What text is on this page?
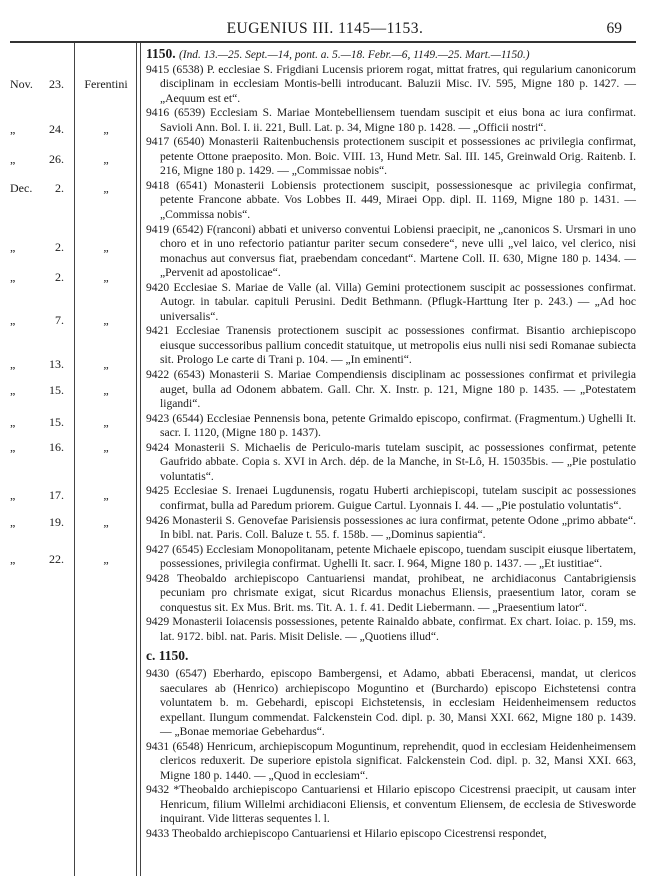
EUGENIUS III. 1145—1153.	69
Nov. 23.	Ferentini
„	24.	„
„	26.	„
Dec. 2.	„
„	2.	„
„	2.	„
„	7.	„
„	13.	„
„	15.	„
„	15.	„
„	16.	„
„	17.	„
„	19.	„
„	22.	„

1150. (Ind. 13.—25. Sept.—14, pont. a. 5.—18. Febr.—6, 1149.—25. Mart.—1150.)

9415 (6538) P. ecclesiae S. Frigdiani Lucensis priorem rogat, mittat fratres, qui regularium canonicorum disciplinam in ecclesiam Montis-belli introducant. Baluzii Misc. IV. 595, Migne 180 p. 1427. — „Aequum est et“.

9416 (6539) Ecclesiam S. Mariae Montebelliensem tuendam suscipit et eius bona ac iura confirmat. Savioli Ann. Bol. I. ii. 221, Bull. Lat. p. 34, Migne 180 p. 1428. — „Officii nostri“.

9417 (6540) Monasterii Raitenbuchensis protectionem suscipit et possessiones ac privilegia confirmat, petente Ottone praeposito. Mon. Boic. VIII. 13, Hund Metr. Sal. III. 145, Greinwald Orig. Raitenb. I. 216, Migne 180 p. 1429. — „Commissae nobis“.

9418 (6541) Monasterii Lobiensis protectionem suscipit, possessionesque ac privilegia confirmat, petente Francone abbate. Vos Lobbes II. 449, Miraei Opp. dipl. II. 1169, Migne 180 p. 1431. — „Commissa nobis“.

9419 (6542) F(ranconi) abbati et universo conventui Lobiensi praecipit, ne „canonicos S. Ursmari in uno choro et in uno refectorio patiantur pariter secum consedere“, neve ulli „vel laico, vel clerico, nisi monachus aut conversus fiat, praebendam concedant“. Martene Coll. II. 630, Migne 180 p. 1434. — „Pervenit ad apostolicae“.

9420 Ecclesiae S. Mariae de Valle (al. Villa) Gemini protectionem suscipit ac possessiones confirmat. Autogr. in tabular. capituli Perusini. Dedit Bethmann. (Pflugk-Harttung Iter p. 243.) — „Ad hoc universalis“.

9421 Ecclesiae Tranensis protectionem suscipit ac possessiones confirmat. Bisantio archiepiscopo eiusque successoribus pallium concedit statuitque, ut metropolis eius nulli nisi sedi Romanae subiecta sit. Prologo Le carte di Trani p. 104. — „In eminenti“.

9422 (6543) Monasterii S. Mariae Compendiensis disciplinam ac possessiones confirmat et privilegia auget, bulla ad Odonem abbatem. Gall. Chr. X. Instr. p. 121, Migne 180 p. 1435. — „Potestatem ligandi“.

9423 (6544) Ecclesiae Pennensis bona, petente Grimaldo episcopo, confirmat. (Fragmentum.) Ughelli It. sacr. I. 1120, (Migne 180 p. 1437).

9424 Monasterii S. Michaelis de Periculo-maris tutelam suscipit, ac possessiones confirmat, petente Gaufrido abbate. Copia s. XVI in Arch. dép. de la Manche, in St-Lô, H. 15035bis. — „Pie postulatio voluntatis“.

9425 Ecclesiae S. Irenaei Lugdunensis, rogatu Huberti archiepiscopi, tutelam suscipit ac possessiones confirmat, bulla ad Paredum priorem. Guigue Cartul. Lyonnais I. 44. — „Pie postulatio voluntatis“.

9426 Monasterii S. Genovefae Parisiensis possessiones ac iura confirmat, petente Odone „primo abbate“. In bibl. nat. Paris. Coll. Baluze t. 55. f. 158b. — „Dominus sapientia“.

9427 (6545) Ecclesiam Monopolitanam, petente Michaele episcopo, tuendam suscipit eiusque libertatem, possessiones, privilegia confirmat. Ughelli It. sacr. I. 964, Migne 180 p. 1437. — „Et iustitiae“.

9428 Theobaldo archiepiscopo Cantuariensi mandat, prohibeat, ne archidiaconus Cantabrigiensis pecuniam pro chrismate exigat, sicut Ricardus monachus Eliensis, praesentium lator, coram se conquestus sit. Ex Mus. Brit. ms. Tit. A. 1. f. 41. Dedit Liebermann. — „Praesentium lator“.

9429 Monasterii Ioiacensis possessiones, petente Rainaldo abbate, confirmat. Ex chart. Ioiac. p. 159, ms. lat. 9172. bibl. nat. Paris. Misit Delisle. — „Quotiens illud“.

c. 1150.

9430 (6547) Eberhardo, episcopo Bambergensi, et Adamo, abbati Eberacensi, mandat, ut clericos saeculares ab (Henrico) archiepiscopo Moguntino et (Burchardo) episcopo Eichstetensi contra voluntatem b. m. Gebehardi, episcopi Eichstetensis, in ecclesiam Heidenheimensem reductos expellant. Ilungum commendat. Falckenstein Cod. dipl. p. 30, Mansi XXI. 662, Migne 180 p. 1439. — „Bonae memoriae Gebehardus“.

9431 (6548) Henricum, archiepiscopum Moguntinum, reprehendit, quod in ecclesiam Heidenheimensem clericos reduxerit. De superiore epistola significat. Falckenstein Cod. dipl. p. 32, Mansi XXI. 663, Migne 180 p. 1440. — „Quod in ecclesiam“.

9432 *Theobaldo archiepiscopo Cantuariensi et Hilario episcopo Cicestrensi praecipit, ut causam inter Henricum, filium Willelmi archidiaconi Eliensis, et conventum Eliensem, de ecclesia de Stivesworde inquirant. Vide litteras sequentes l. l.

9433 Theobaldo archiepiscopo Cantuariensi et Hilario episcopo Cicestrensi respondet,
